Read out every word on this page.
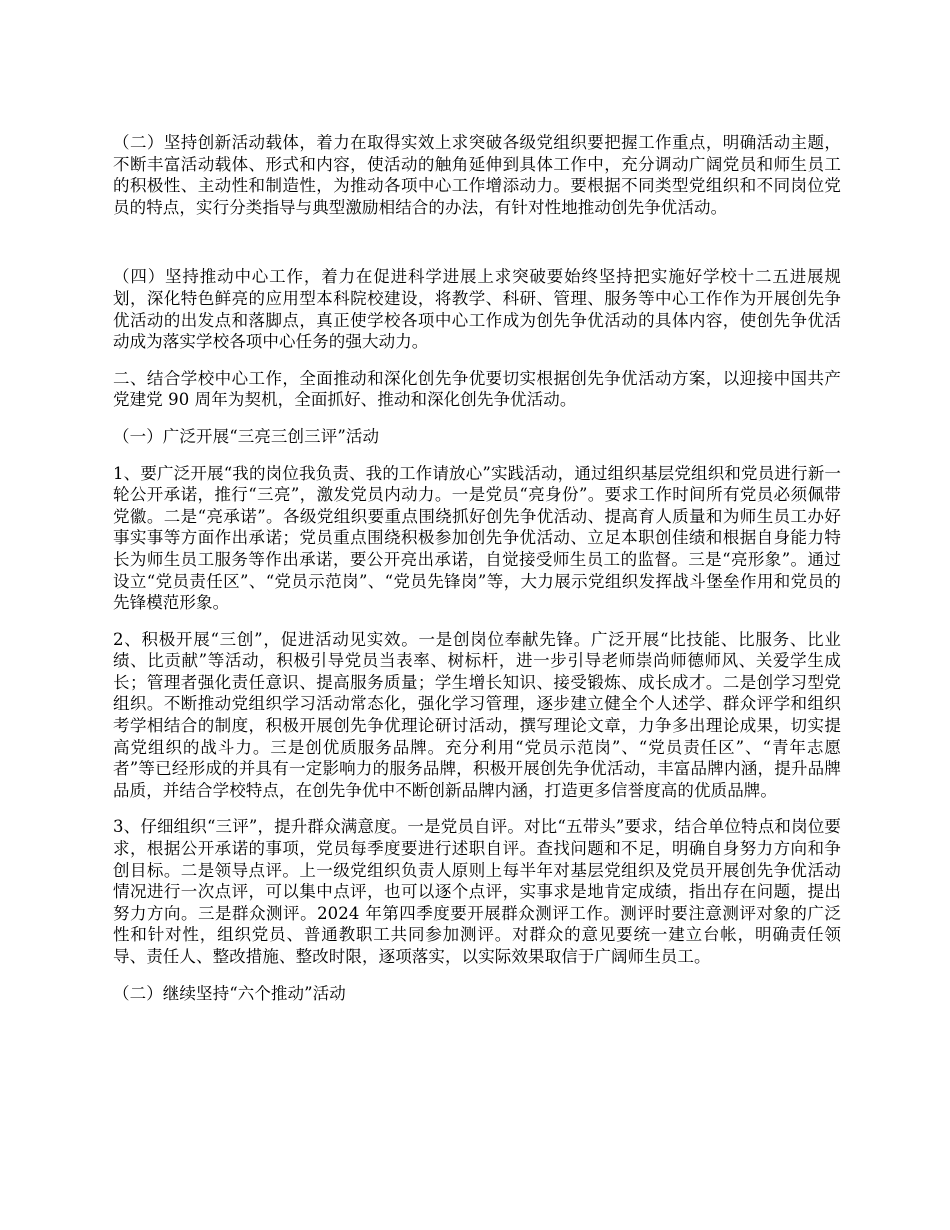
（二）坚持创新活动载体，着力在取得实效上求突破各级党组织要把握工作重点，明确活动主题，不断丰富活动载体、形式和内容，使活动的触角延伸到具体工作中，充分调动广阔党员和师生员工的积极性、主动性和制造性，为推动各项中心工作增添动力。要根据不同类型党组织和不同岗位党员的特点，实行分类指导与典型激励相结合的办法，有针对性地推动创先争优活动。

（四）坚持推动中心工作，着力在促进科学进展上求突破要始终坚持把实施好学校十二五进展规划，深化特色鲜亮的应用型本科院校建设，将教学、科研、管理、服务等中心工作作为开展创先争优活动的出发点和落脚点，真正使学校各项中心工作成为创先争优活动的具体内容，使创先争优活动成为落实学校各项中心任务的强大动力。

二、结合学校中心工作，全面推动和深化创先争优要切实根据创先争优活动方案，以迎接中国共产党建党 90 周年为契机，全面抓好、推动和深化创先争优活动。

（一）广泛开展“三亮三创三评”活动

1、要广泛开展“我的岗位我负责、我的工作请放心”实践活动，通过组织基层党组织和党员进行新一轮公开承诺，推行“三亮”，激发党员内动力。一是党员“亮身份”。要求工作时间所有党员必须佩带党徽。二是“亮承诺”。各级党组织要重点围绕抓好创先争优活动、提高育人质量和为师生员工办好事实事等方面作出承诺；党员重点围绕积极参加创先争优活动、立足本职创佳绩和根据自身能力特长为师生员工服务等作出承诺，要公开亮出承诺，自觉接受师生员工的监督。三是“亮形象”。通过设立“党员责任区”、“党员示范岗”、“党员先锋岗”等，大力展示党组织发挥战斗堡垒作用和党员的先锋模范形象。

2、积极开展“三创”，促进活动见实效。一是创岗位奉献先锋。广泛开展“比技能、比服务、比业绩、比贡献”等活动，积极引导党员当表率、树标杆，进一步引导老师崇尚师德师风、关爱学生成长；管理者强化责任意识、提高服务质量；学生增长知识、接受锻炼、成长成才。二是创学习型党组织。不断推动党组织学习活动常态化，强化学习管理，逐步建立健全个人述学、群众评学和组织考学相结合的制度，积极开展创先争优理论研讨活动，撰写理论文章，力争多出理论成果，切实提高党组织的战斗力。三是创优质服务品牌。充分利用“党员示范岗”、“党员责任区”、“青年志愿者”等已经形成的并具有一定影响力的服务品牌，积极开展创先争优活动，丰富品牌内涵，提升品牌品质，并结合学校特点，在创先争优中不断创新品牌内涵，打造更多信誉度高的优质品牌。

3、仔细组织“三评”，提升群众满意度。一是党员自评。对比“五带头”要求，结合单位特点和岗位要求，根据公开承诺的事项，党员每季度要进行述职自评。查找问题和不足，明确自身努力方向和争创目标。二是领导点评。上一级党组织负责人原则上每半年对基层党组织及党员开展创先争优活动情况进行一次点评，可以集中点评，也可以逐个点评，实事求是地肯定成绩，指出存在问题，提出努力方向。三是群众测评。2024 年第四季度要开展群众测评工作。测评时要注意测评对象的广泛性和针对性，组织党员、普通教职工共同参加测评。对群众的意见要统一建立台帐，明确责任领导、责任人、整改措施、整改时限，逐项落实，以实际效果取信于广阔师生员工。

（二）继续坚持“六个推动”活动
